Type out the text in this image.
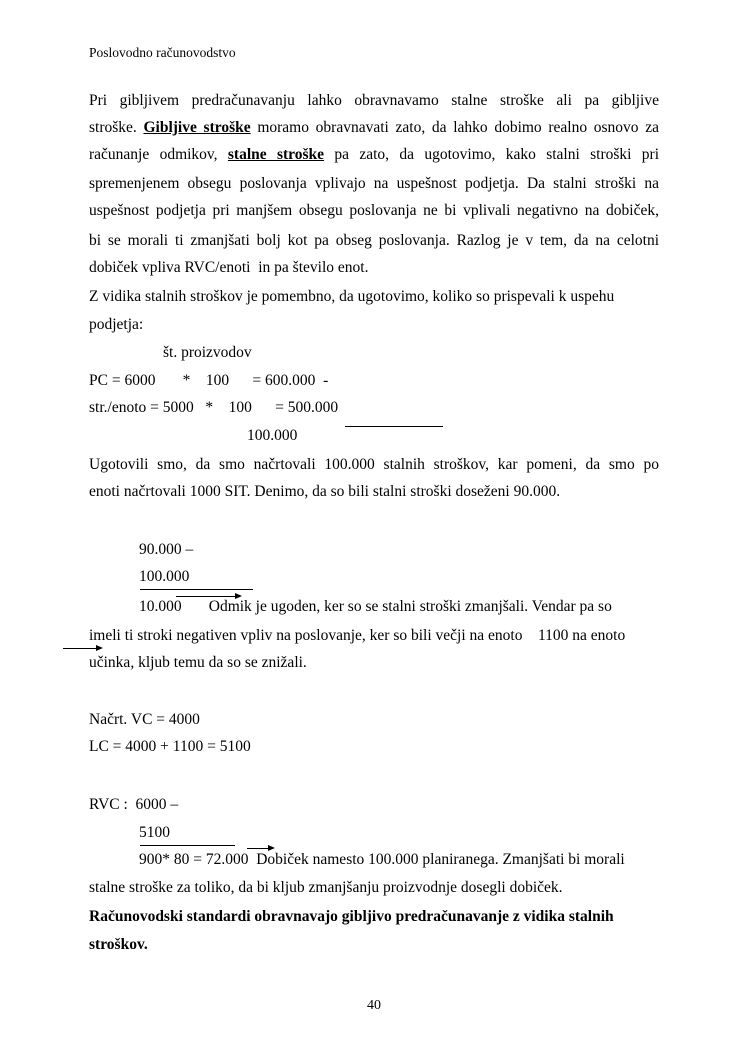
Poslovodno računovodstvo
Pri gibljivem predračunavanju lahko obravnavamo stalne stroške ali pa gibljive
stroške. Gibljive stroške moramo obravnavati zato, da lahko dobimo realno osnovo za
računanje odmikov, stalne stroške pa zato, da ugotovimo, kako stalni stroški pri
spremenjenem obsegu poslovanja vplivajo na uspešnost podjetja. Da stalni stroški na
uspešnost podjetja pri manjšem obsegu poslovanja ne bi vplivali negativno na dobiček,
bi se morali ti zmanjšati bolj kot pa obseg poslovanja. Razlog je v tem, da na celotni
dobiček vpliva RVC/enoti  in pa število enot.
Z vidika stalnih stroškov je pomembno, da ugotovimo, koliko so prispevali k uspehu
podjetja:
št. proizvodov
PC = 6000       *    100      = 600.000  -
str./enoto = 5000   *    100      = 500.000
100.000
Ugotovili smo, da smo načrtovali 100.000 stalnih stroškov, kar pomeni, da smo po
enoti načrtovali 1000 SIT. Denimo, da so bili stalni stroški doseženi 90.000.
90.000 –
100.000
10.000       Odmik je ugoden, ker so se stalni stroški zmanjšali. Vendar pa so
imeli ti stroki negativen vpliv na poslovanje, ker so bili večji na enoto    1100 na enoto
učinka, kljub temu da so se znižali.
Načrt. VC = 4000
LC = 4000 + 1100 = 5100
RVC :  6000 –
5100
900* 80 = 72.000  Dobiček namesto 100.000 planiranega. Zmanjšati bi morali
stalne stroške za toliko, da bi kljub zmanjšanju proizvodnje dosegli dobiček.
Računovodski standardi obravnavajo gibljivo predračunavanje z vidika stalnih
stroškov.
40
